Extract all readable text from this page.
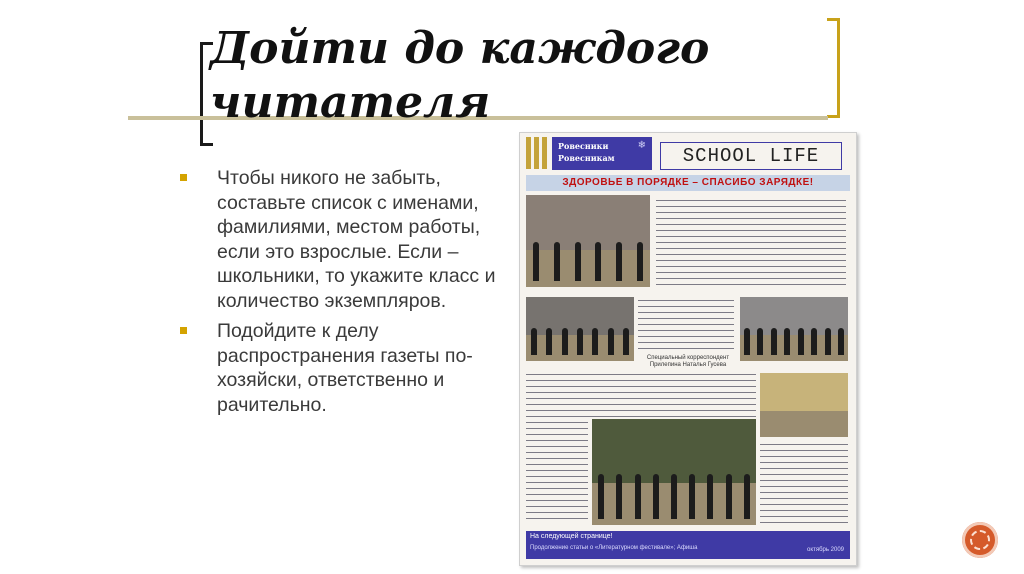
Дойти до каждого
читателя
Чтобы никого не забыть, составьте список с именами, фамилиями, местом работы, если это взрослые. Если – школьники, то укажите класс и количество экземпляров.
Подойдите к делу распространения газеты по-хозяйски, ответственно и рачительно.
Ровесники Ровесникам
❄	SCHOOL LIFE
ЗДОРОВЬЕ В ПОРЯДКЕ – СПАСИБО ЗАРЯДКЕ!
Специальный корреспондент Прилепина Наталья Гусева
На следующей странице!
Продолжение статьи о «Литературном фестивале»; Афиша	октябрь 2009
